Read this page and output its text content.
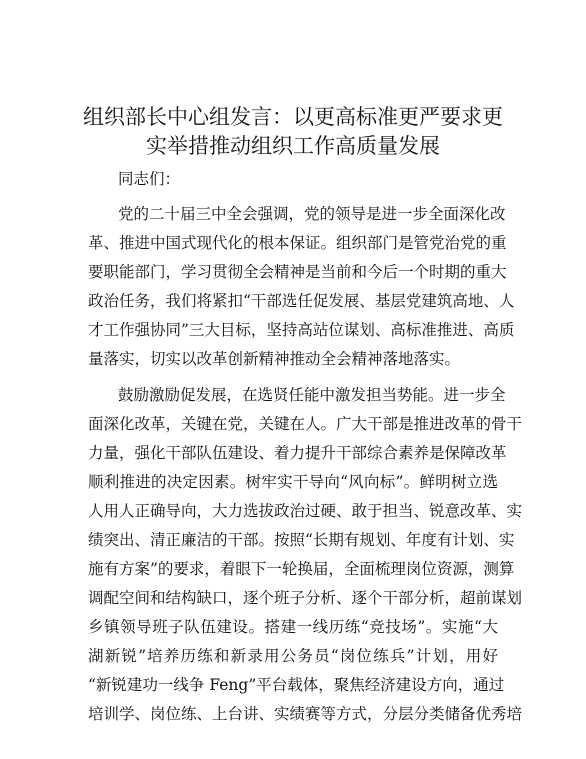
组织部长中心组发言：以更高标准更严要求更
实举措推动组织工作高质量发展
同志们：
党的二十届三中全会强调，党的领导是进一步全面深化改
革、推进中国式现代化的根本保证。组织部门是管党治党的重
要职能部门，学习贯彻全会精神是当前和今后一个时期的重大
政治任务，我们将紧扣“干部选任促发展、基层党建筑高地、人
才工作强协同”三大目标，坚持高站位谋划、高标准推进、高质
量落实，切实以改革创新精神推动全会精神落地落实。
鼓励激励促发展，在选贤任能中激发担当势能。进一步全
面深化改革，关键在党，关键在人。广大干部是推进改革的骨干
力量，强化干部队伍建设、着力提升干部综合素养是保障改革
顺利推进的决定因素。树牢实干导向“风向标”。鲜明树立选
人用人正确导向，大力选拔政治过硬、敢于担当、锐意改革、实
绩突出、清正廉洁的干部。按照“长期有规划、年度有计划、实
施有方案”的要求，着眼下一轮换届，全面梳理岗位资源，测算
调配空间和结构缺口，逐个班子分析、逐个干部分析，超前谋划
乡镇领导班子队伍建设。搭建一线历练“竞技场”。实施“大
湖新锐”培养历练和新录用公务员“岗位练兵”计划，用好
“新锐建功一线争 Feng”平台载体，聚焦经济建设方向，通过
培训学、岗位练、上台讲、实绩赛等方式，分层分类储备优秀培
